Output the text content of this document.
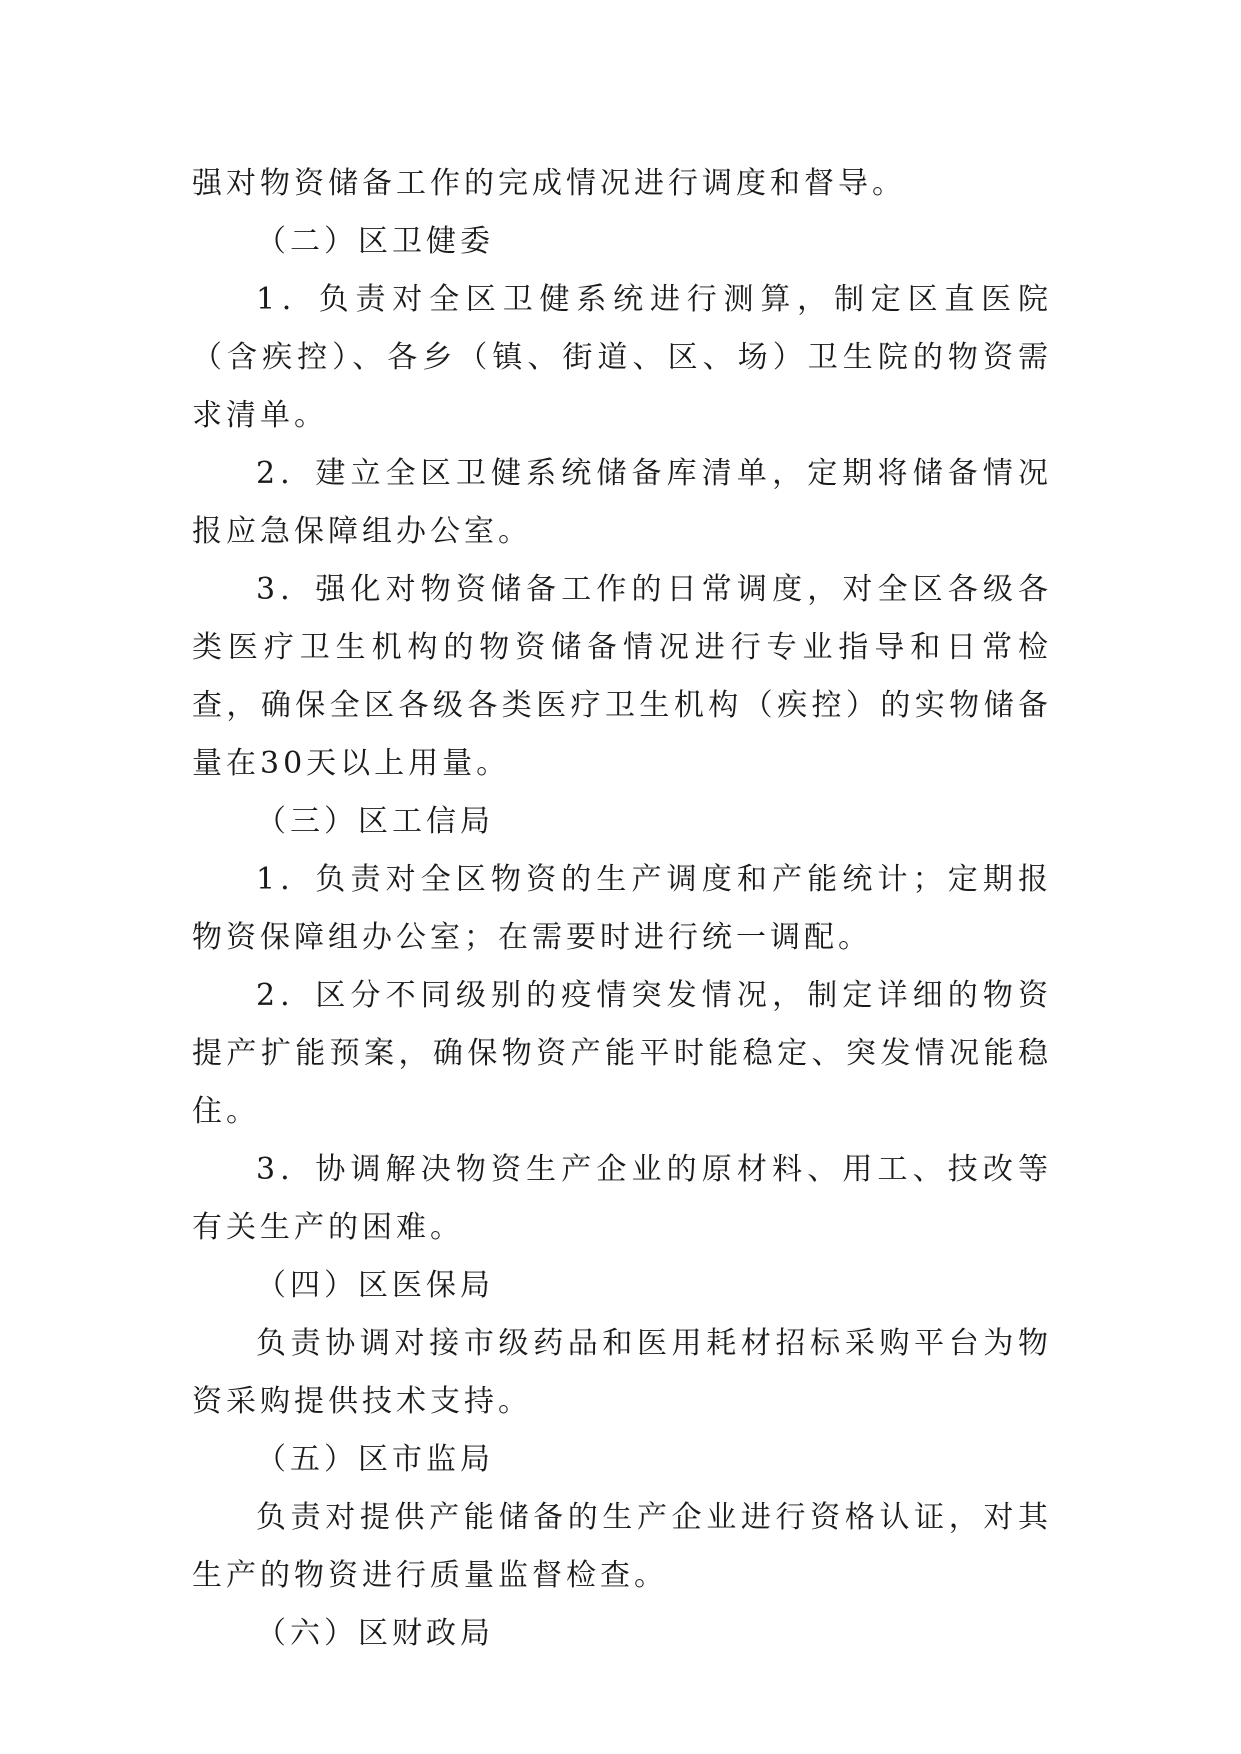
强对物资储备工作的完成情况进行调度和督导。

（二）区卫健委

1．负责对全区卫健系统进行测算，制定区直医院（含疾控）、各乡（镇、街道、区、场）卫生院的物资需求清单。

2．建立全区卫健系统储备库清单，定期将储备情况报应急保障组办公室。

3．强化对物资储备工作的日常调度，对全区各级各类医疗卫生机构的物资储备情况进行专业指导和日常检查，确保全区各级各类医疗卫生机构（疾控）的实物储备量在30天以上用量。

（三）区工信局

1．负责对全区物资的生产调度和产能统计；定期报物资保障组办公室；在需要时进行统一调配。

2．区分不同级别的疫情突发情况，制定详细的物资提产扩能预案，确保物资产能平时能稳定、突发情况能稳住。

3．协调解决物资生产企业的原材料、用工、技改等有关生产的困难。

（四）区医保局

负责协调对接市级药品和医用耗材招标采购平台为物资采购提供技术支持。

（五）区市监局

负责对提供产能储备的生产企业进行资格认证，对其生产的物资进行质量监督检查。

（六）区财政局
